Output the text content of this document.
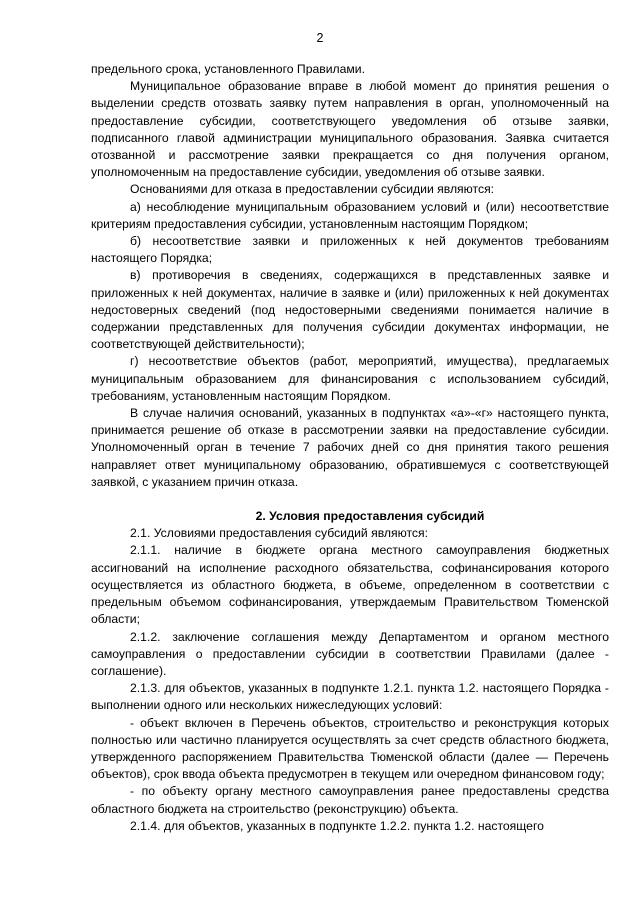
2

предельного срока, установленного Правилами.

Муниципальное образование вправе в любой момент до принятия решения о выделении средств отозвать заявку путем направления в орган, уполномоченный на предоставление субсидии, соответствующего уведомления об отзыве заявки, подписанного главой администрации муниципального образования. Заявка считается отозванной и рассмотрение заявки прекращается со дня получения органом, уполномоченным на предоставление субсидии, уведомления об отзыве заявки.

Основаниями для отказа в предоставлении субсидии являются:

а) несоблюдение муниципальным образованием условий и (или) несоответствие критериям предоставления субсидии, установленным настоящим Порядком;

б) несоответствие заявки и приложенных к ней документов требованиям настоящего Порядка;

в) противоречия в сведениях, содержащихся в представленных заявке и приложенных к ней документах, наличие в заявке и (или) приложенных к ней документах недостоверных сведений (под недостоверными сведениями понимается наличие в содержании представленных для получения субсидии документах информации, не соответствующей действительности);

г) несоответствие объектов (работ, мероприятий, имущества), предлагаемых муниципальным образованием для финансирования с использованием субсидий, требованиям, установленным настоящим Порядком.

В случае наличия оснований, указанных в подпунктах «а»-«г» настоящего пункта, принимается решение об отказе в рассмотрении заявки на предоставление субсидии. Уполномоченный орган в течение 7 рабочих дней со дня принятия такого решения направляет ответ муниципальному образованию, обратившемуся с соответствующей заявкой, с указанием причин отказа.

2. Условия предоставления субсидий

2.1. Условиями предоставления субсидий являются:

2.1.1. наличие в бюджете органа местного самоуправления бюджетных ассигнований на исполнение расходного обязательства, софинансирования которого осуществляется из областного бюджета, в объеме, определенном в соответствии с предельным объемом софинансирования, утверждаемым Правительством Тюменской области;

2.1.2. заключение соглашения между Департаментом и органом местного самоуправления о предоставлении субсидии в соответствии Правилами (далее - соглашение).

2.1.3. для объектов, указанных в подпункте 1.2.1. пункта 1.2. настоящего Порядка - выполнении одного или нескольких нижеследующих условий:

- объект включен в Перечень объектов, строительство и реконструкция которых полностью или частично планируется осуществлять за счет средств областного бюджета, утвержденного распоряжением Правительства Тюменской области (далее — Перечень объектов), срок ввода объекта предусмотрен в текущем или очередном финансовом году;

- по объекту органу местного самоуправления ранее предоставлены средства областного бюджета на строительство (реконструкцию) объекта.

2.1.4. для объектов, указанных в подпункте 1.2.2. пункта 1.2. настоящего
